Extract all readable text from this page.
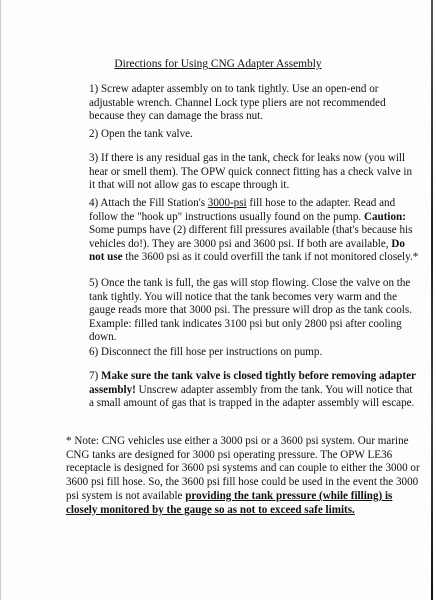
Directions for Using CNG Adapter Assembly
1) Screw adapter assembly on to tank tightly. Use an open-end or adjustable wrench. Channel Lock type pliers are not recommended because they can damage the brass nut.
2) Open the tank valve.
3) If there is any residual gas in the tank, check for leaks now (you will hear or smell them). The OPW quick connect fitting has a check valve in it that will not allow gas to escape through it.
4) Attach the Fill Station's 3000-psi fill hose to the adapter. Read and follow the "hook up" instructions usually found on the pump. Caution: Some pumps have (2) different fill pressures available (that's because his vehicles do!). They are 3000 psi and 3600 psi. If both are available, Do not use the 3600 psi as it could overfill the tank if not monitored closely.*
5) Once the tank is full, the gas will stop flowing. Close the valve on the tank tightly. You will notice that the tank becomes very warm and the gauge reads more that 3000 psi. The pressure will drop as the tank cools. Example: filled tank indicates 3100 psi but only 2800 psi after cooling down.
6) Disconnect the fill hose per instructions on pump.
7) Make sure the tank valve is closed tightly before removing adapter assembly! Unscrew adapter assembly from the tank. You will notice that a small amount of gas that is trapped in the adapter assembly will escape.
* Note: CNG vehicles use either a 3000 psi or a 3600 psi system. Our marine CNG tanks are designed for 3000 psi operating pressure. The OPW LE36 receptacle is designed for 3600 psi systems and can couple to either the 3000 or 3600 psi fill hose. So, the 3600 psi fill hose could be used in the event the 3000 psi system is not available providing the tank pressure (while filling) is closely monitored by the gauge so as not to exceed safe limits.
